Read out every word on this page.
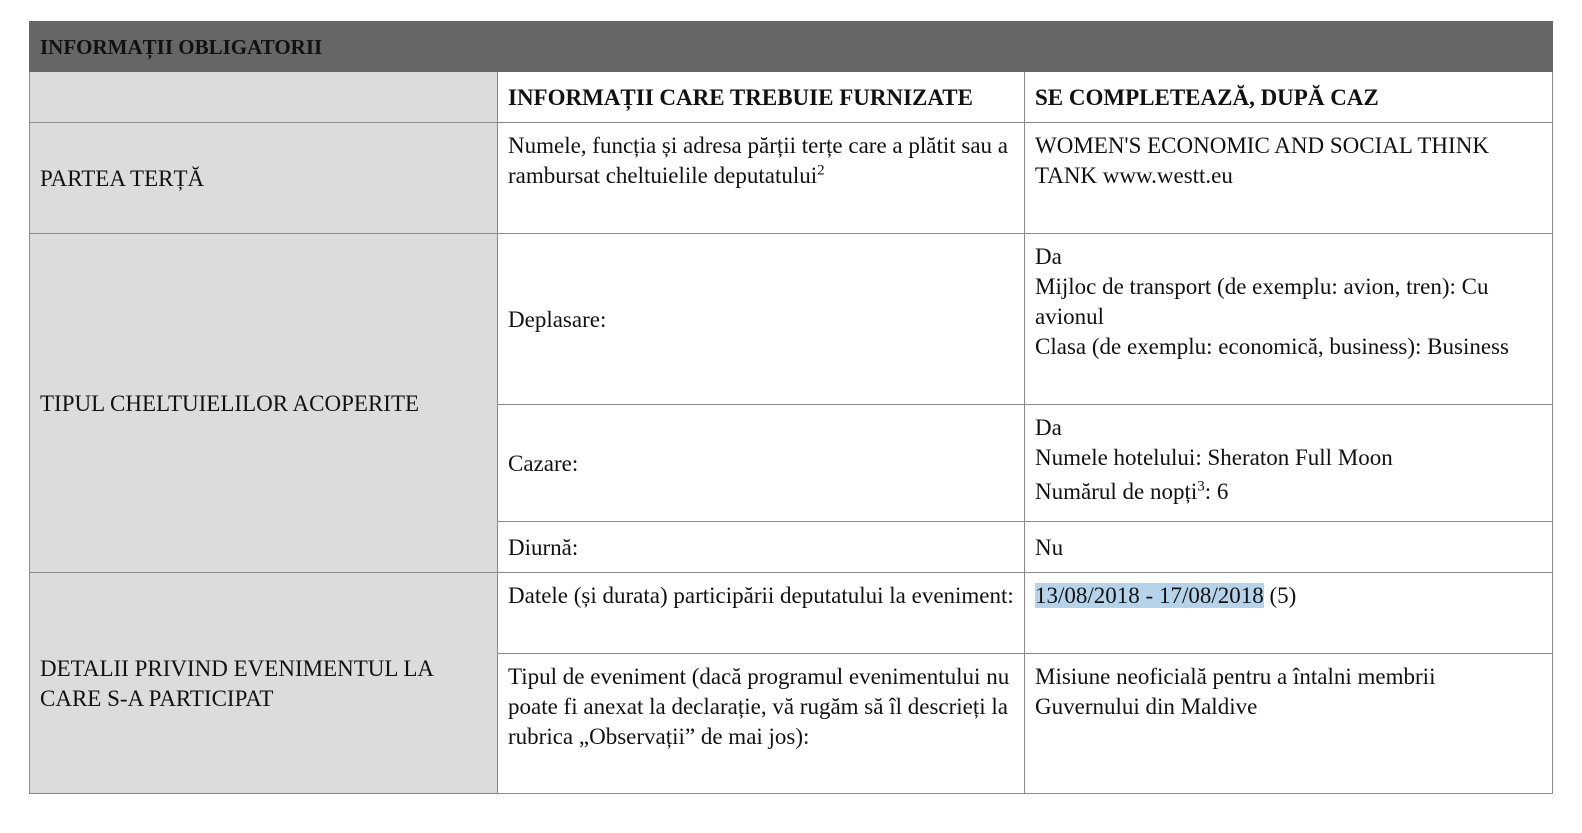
INFORMAȚII OBLIGATORII		
	INFORMAȚII CARE TREBUIE FURNIZATE	SE COMPLETEAZĂ, DUPĂ CAZ
PARTEA TERȚĂ	Numele, funcția și adresa părții terțe care a plătit sau a rambursat cheltuielile deputatului$^2$	WOMEN'S ECONOMIC AND SOCIAL THINK TANK www.westt.eu
TIPUL CHELTUIELILOR ACOPERITE	Deplasare:	Da
Mijloc de transport (de exemplu: avion, tren): Cu avionul
Clasa (de exemplu: economică, business): Business

	Cazare:	Da
Numele hotelului: Sheraton Full Moon
Numărul de nopți$^3$: 6

	Diurnă:	Nu
DETALII PRIVIND EVENIMENTUL LA CARE S-A PARTICIPAT	Datele (și durata) participării deputatului la eveniment:	13/08/2018 - 17/08/2018 (5)
	Tipul de eveniment (dacă programul evenimentului nu poate fi anexat la declarație, vă rugăm să îl descrieți la rubrica „Observații” de mai jos):	Misiune neoficială pentru a întalni membrii Guvernului din Maldive
